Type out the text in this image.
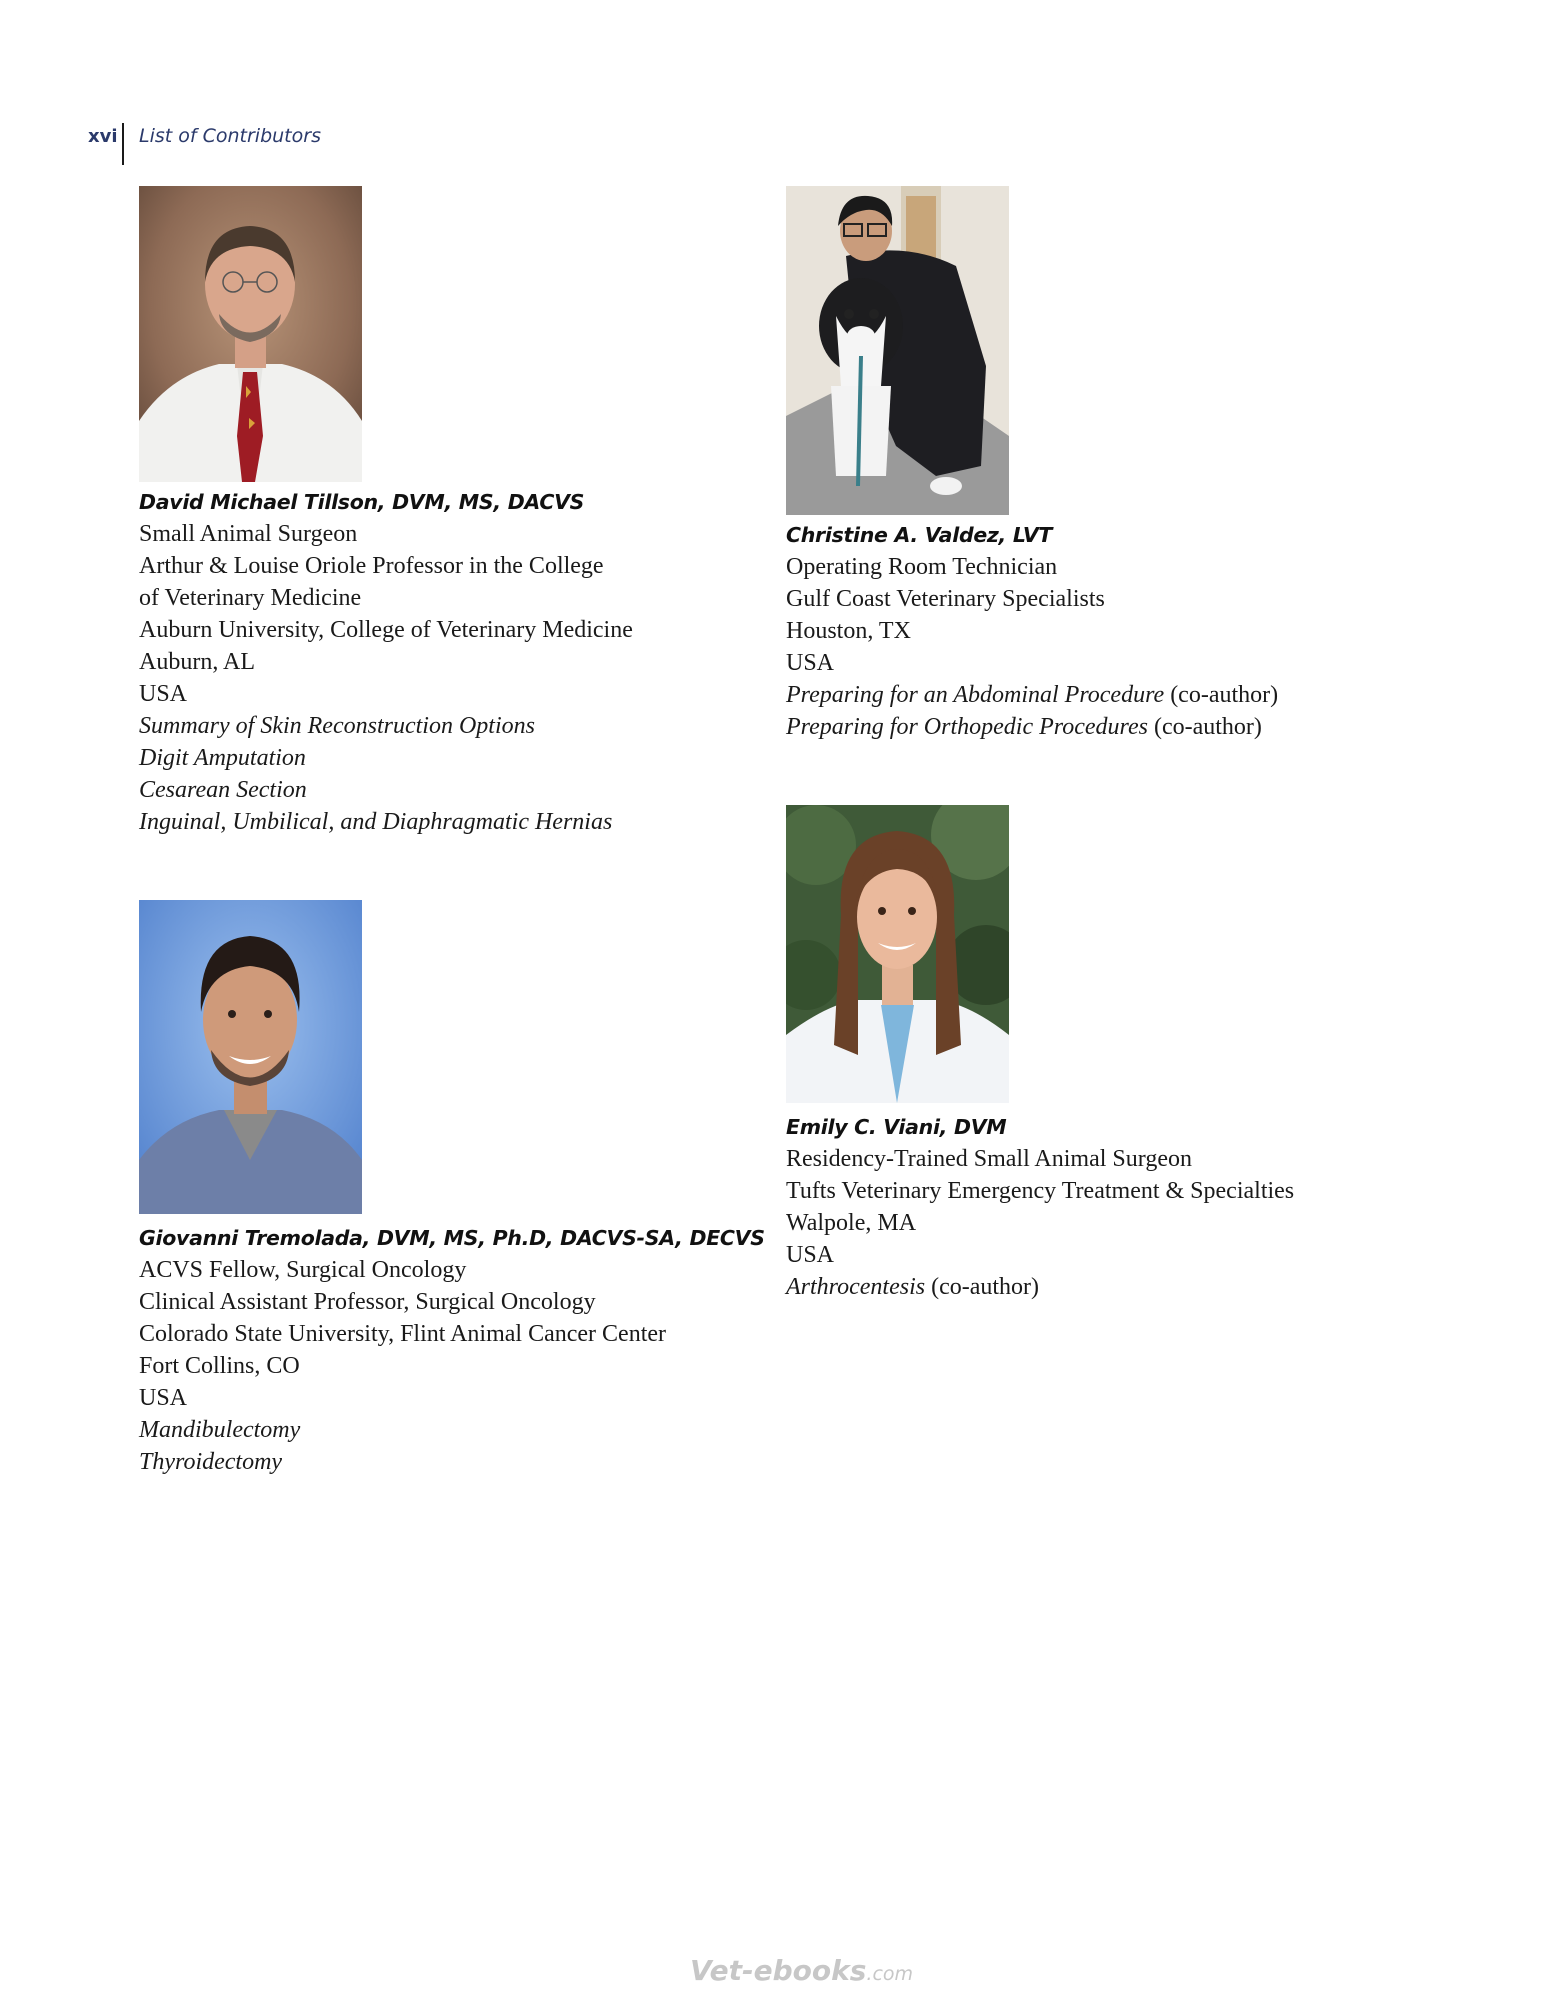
xvi List of Contributors
David Michael Tillson, DVM, MS, DACVS
Small Animal Surgeon
Arthur & Louise Oriole Professor in the College
of Veterinary Medicine
Auburn University, College of Veterinary Medicine
Auburn, AL
USA
Summary of Skin Reconstruction Options
Digit Amputation
Cesarean Section
Inguinal, Umbilical, and Diaphragmatic Hernias
Christine A. Valdez, LVT
Operating Room Technician
Gulf Coast Veterinary Specialists
Houston, TX
USA
Preparing for an Abdominal Procedure (co-author)
Preparing for Orthopedic Procedures (co-author)
Giovanni Tremolada, DVM, MS, Ph.D, DACVS-SA, DECVS
ACVS Fellow, Surgical Oncology
Clinical Assistant Professor, Surgical Oncology
Colorado State University, Flint Animal Cancer Center
Fort Collins, CO
USA
Mandibulectomy
Thyroidectomy
Emily C. Viani, DVM
Residency-Trained Small Animal Surgeon
Tufts Veterinary Emergency Treatment & Specialties
Walpole, MA
USA
Arthrocentesis (co-author)
Vet-ebooks.com
